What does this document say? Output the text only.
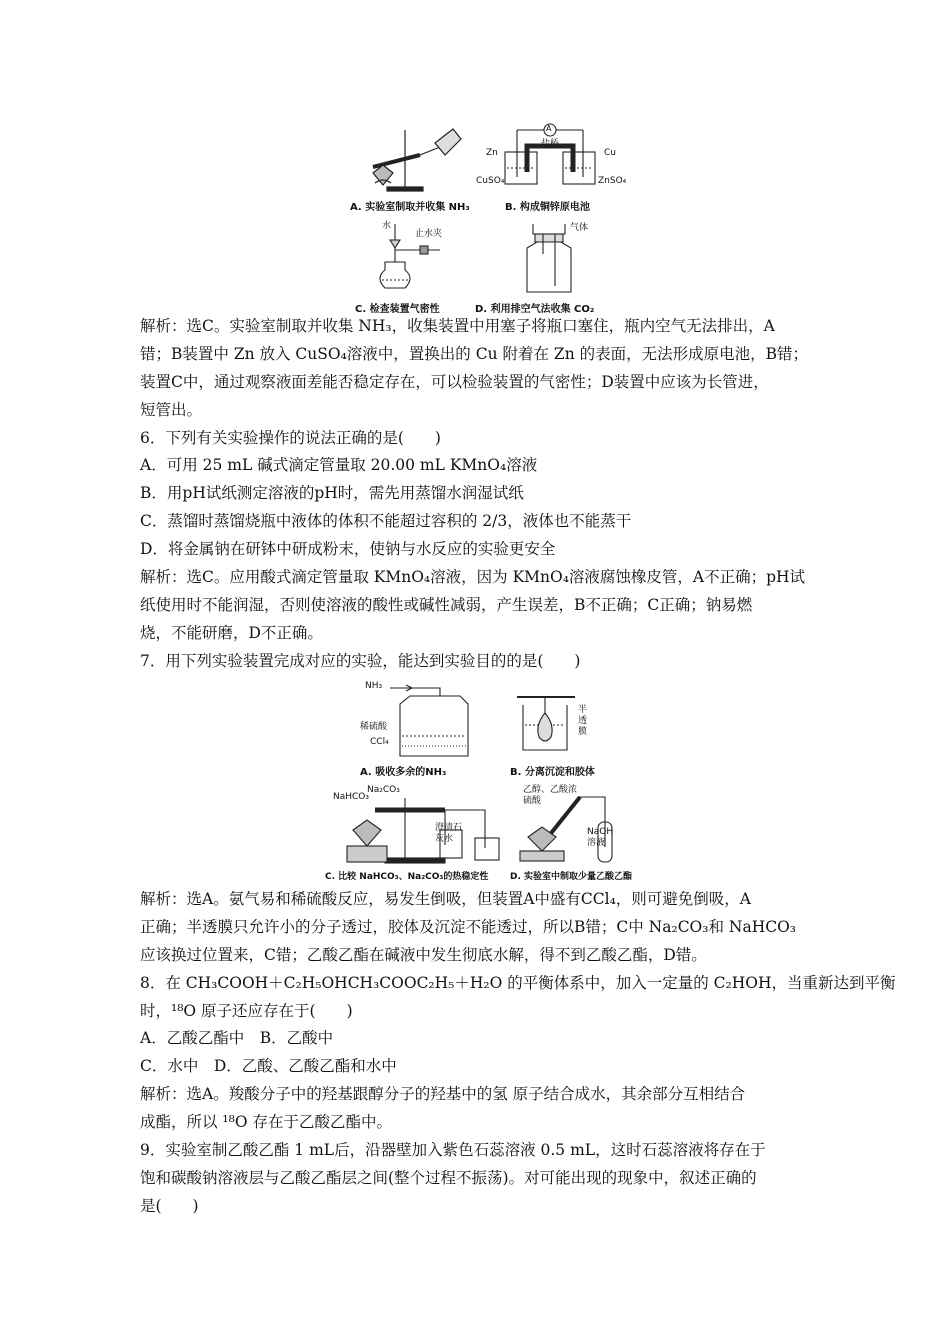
A. 实验室制取并收集 NH₃
A
盐桥
Zn	Cu
CuSO₄	ZnSO₄
B. 构成铜锌原电池
水
止水夹
C. 检查装置气密性
气体
D. 利用排空气法收集 CO₂
解析：选C。实验室制取并收集 NH₃，收集装置中用塞子将瓶口塞住，瓶内空气无法排出，A
错；B装置中 Zn 放入 CuSO₄溶液中，置换出的 Cu 附着在 Zn 的表面，无法形成原电池，B错；
装置C中，通过观察液面差能否稳定存在，可以检验装置的气密性；D装置中应该为长管进，
短管出。
6．下列有关实验操作的说法正确的是(　　)
A．可用 25 mL 碱式滴定管量取 20.00 mL KMnO₄溶液
B．用pH试纸测定溶液的pH时，需先用蒸馏水润湿试纸
C．蒸馏时蒸馏烧瓶中液体的体积不能超过容积的 2/3，液体也不能蒸干
D．将金属钠在研钵中研成粉末，使钠与水反应的实验更安全
解析：选C。应用酸式滴定管量取 KMnO₄溶液，因为 KMnO₄溶液腐蚀橡皮管，A不正确；pH试
纸使用时不能润湿，否则使溶液的酸性或碱性减弱，产生误差，B不正确；C正确；钠易燃
烧，不能研磨，D不正确。
7．用下列实验装置完成对应的实验，能达到实验目的的是(　　)
NH₃
稀硫酸
CCl₄
A. 吸收多余的NH₃
半透膜
B. 分离沉淀和胶体
NaHCO₃
Na₂CO₃
澄清石灰水
C. 比较 NaHCO₃、Na₂CO₃的热稳定性
乙醇、乙酸浓硫酸
NaOH溶液
D. 实验室中制取少量乙酸乙酯
解析：选A。氨气易和稀硫酸反应，易发生倒吸，但装置A中盛有CCl₄，则可避免倒吸，A
正确；半透膜只允许小的分子透过，胶体及沉淀不能透过，所以B错；C中 Na₂CO₃和 NaHCO₃
应该换过位置来，C错；乙酸乙酯在碱液中发生彻底水解，得不到乙酸乙酯，D错。
8．在 CH₃COOH＋C₂H₅OHCH₃COOC₂H₅＋H₂O 的平衡体系中，加入一定量的 C₂HOH，当重新达到平衡
时，¹⁸O 原子还应存在于(　　)
A．乙酸乙酯中　B．乙酸中
C．水中　D．乙酸、乙酸乙酯和水中
解析：选A。羧酸分子中的羟基跟醇分子的羟基中的氢 原子结合成水，其余部分互相结合
成酯，所以 ¹⁸O 存在于乙酸乙酯中。
9．实验室制乙酸乙酯 1 mL后，沿器壁加入紫色石蕊溶液 0.5 mL，这时石蕊溶液将存在于
饱和碳酸钠溶液层与乙酸乙酯层之间(整个过程不振荡)。对可能出现的现象中，叙述正确的
是(　　)
